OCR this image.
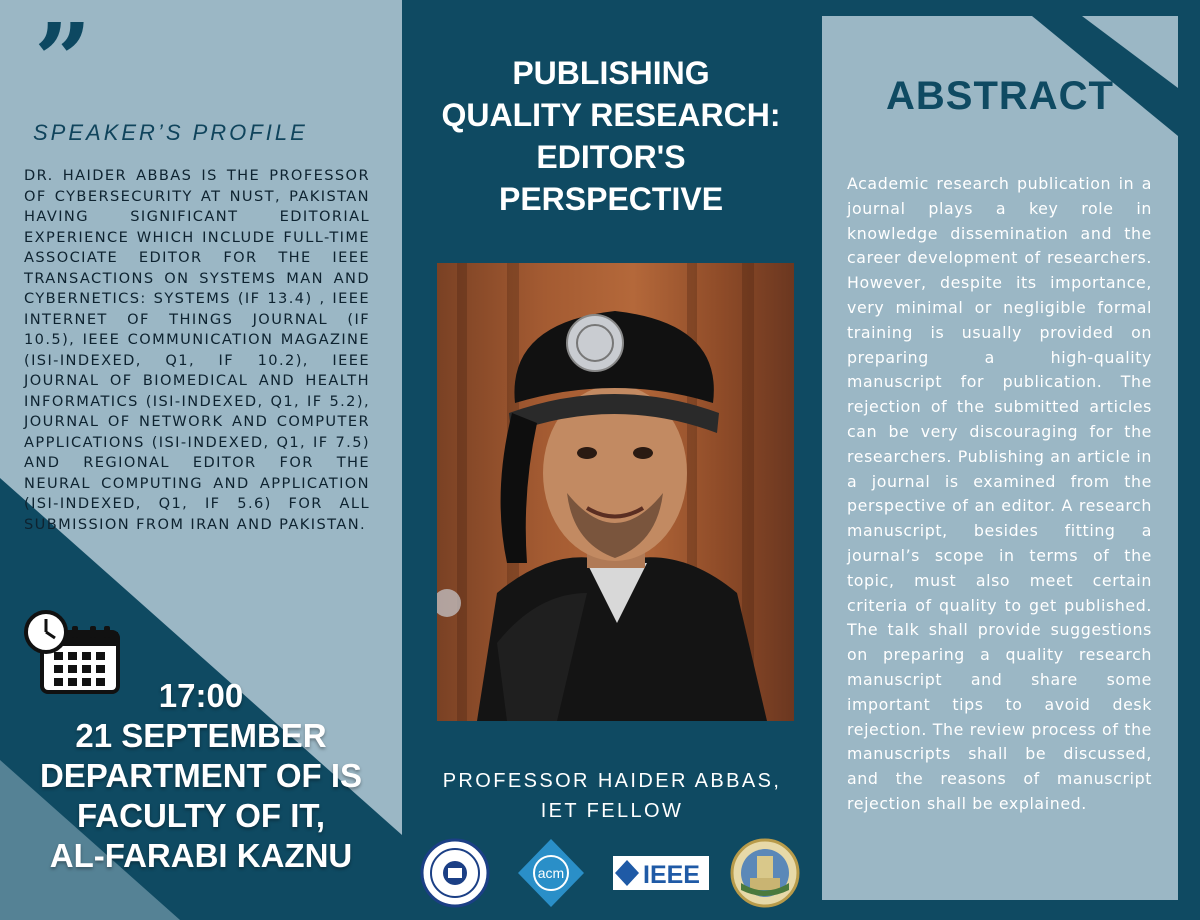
”
SPEAKER’S PROFILE
DR. HAIDER ABBAS IS THE PROFESSOR OF CYBERSECURITY AT NUST, PAKISTAN HAVING SIGNIFICANT EDITORIAL EXPERIENCE WHICH INCLUDE FULL-TIME ASSOCIATE EDITOR FOR THE IEEE TRANSACTIONS ON SYSTEMS MAN AND CYBERNETICS: SYSTEMS (IF 13.4) , IEEE INTERNET OF THINGS JOURNAL (IF 10.5), IEEE COMMUNICATION MAGAZINE (ISI-INDEXED, Q1, IF 10.2), IEEE JOURNAL OF BIOMEDICAL AND HEALTH INFORMATICS (ISI-INDEXED, Q1, IF 5.2), JOURNAL OF NETWORK AND COMPUTER APPLICATIONS (ISI-INDEXED, Q1, IF 7.5) AND REGIONAL EDITOR FOR THE NEURAL COMPUTING AND APPLICATION (ISI-INDEXED, Q1, IF 5.6) FOR ALL SUBMISSION FROM IRAN AND PAKISTAN.
17:00
21 SEPTEMBER
DEPARTMENT OF IS
FACULTY OF IT,
AL-FARABI KAZNU
PUBLISHING
QUALITY RESEARCH:
EDITOR'S
PERSPECTIVE
PROFESSOR HAIDER ABBAS,
IET FELLOW
acm	IEEE
ABSTRACT
Academic research publication in a journal plays a key role in knowledge dissemination and the career development of researchers. However, despite its importance, very minimal or negligible formal training is usually provided on preparing a high-quality manuscript for publication. The rejection of the submitted articles can be very discouraging for the researchers. Publishing an article in a journal is examined from the perspective of an editor. A research manuscript, besides fitting a journal’s scope in terms of the topic, must also meet certain criteria of quality to get published. The talk shall provide suggestions on preparing a quality research manuscript and share some important tips to avoid desk rejection. The review process of the manuscripts shall be discussed, and the reasons of manuscript rejection shall be explained.
